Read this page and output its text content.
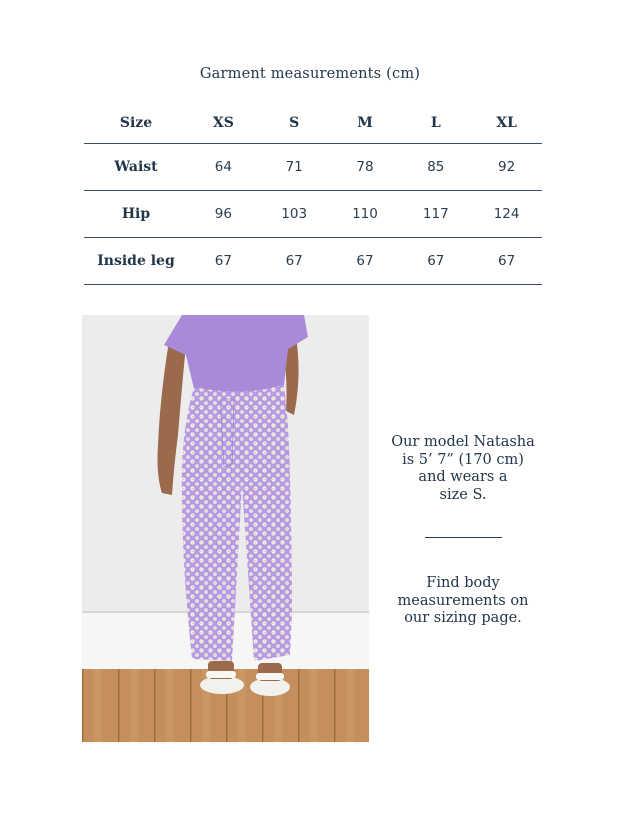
Garment measurements (cm)
Size	XS	S	M	L	XL
Waist	64	71	78	85	92
Hip	96	103	110	117	124
Inside leg	67	67	67	67	67
Our model Natasha
is 5’ 7” (170 cm)
and wears a
size S.
Find body
measurements on
our sizing page.
